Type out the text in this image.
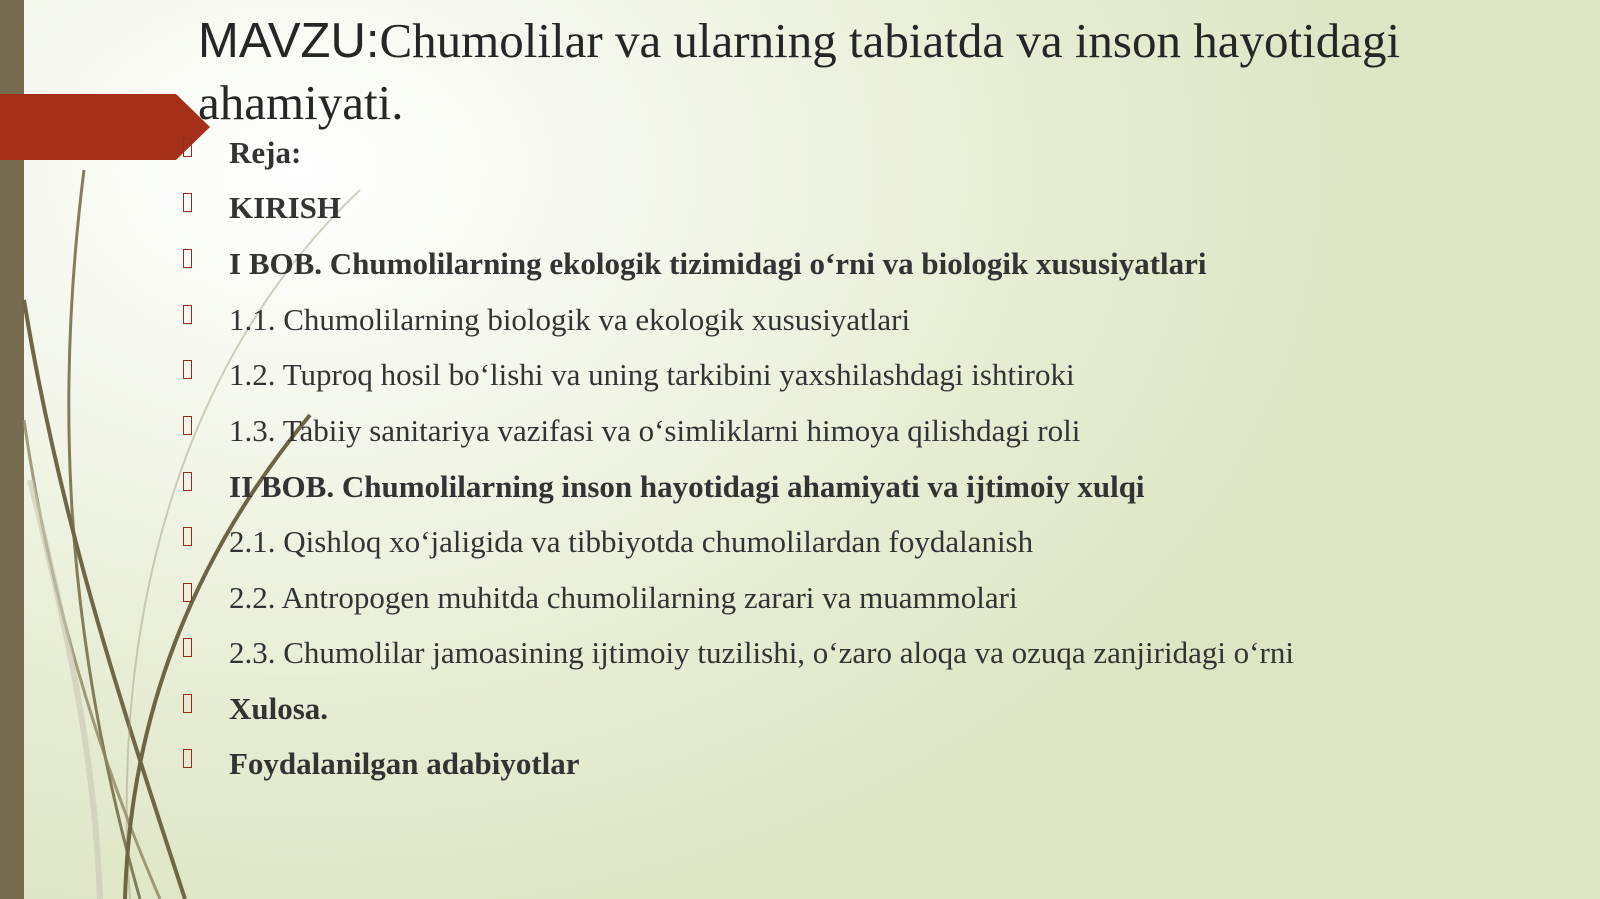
MAVZU:Chumolilar va ularning tabiatda va inson hayotidagi ahamiyati.
Reja:
KIRISH
I BOB. Chumolilarning ekologik tizimidagi o‘rni va biologik xususiyatlari
1.1. Chumolilarning biologik va ekologik xususiyatlari
1.2. Tuproq hosil bo‘lishi va uning tarkibini yaxshilashdagi ishtiroki
1.3. Tabiiy sanitariya vazifasi va o‘simliklarni himoya qilishdagi roli
II BOB. Chumolilarning inson hayotidagi ahamiyati va ijtimoiy xulqi
2.1. Qishloq xo‘jaligida va tibbiyotda chumolilardan foydalanish
2.2. Antropogen muhitda chumolilarning zarari va muammolari
2.3. Chumolilar jamoasining ijtimoiy tuzilishi, o‘zaro aloqa va ozuqa zanjiridagi o‘rni
Xulosa.
Foydalanilgan adabiyotlar
